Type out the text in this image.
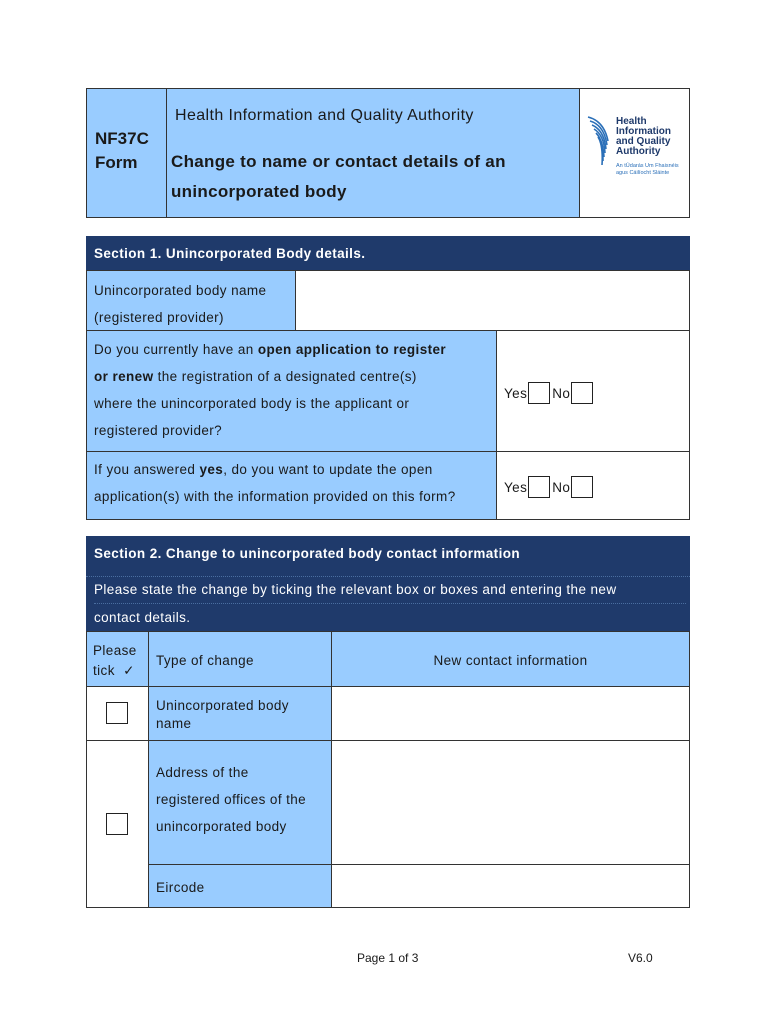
NF37C
Form
Health Information and Quality Authority
Change to name or contact details of an
unincorporated body
Health
Information
and Quality
Authority
An tÚdarás Um Fhaisnéis
agus Cáilíocht Sláinte
Section 1. Unincorporated Body details.
Unincorporated body name
(registered provider)
Do you currently have an open application to register
or renew the registration of a designated centre(s)
where the unincorporated body is the applicant or
registered provider?
Yes No
If you answered yes, do you want to update the open
application(s) with the information provided on this form?
Yes No
Section 2. Change to unincorporated body contact information
Please state the change by ticking the relevant box or boxes and entering the new
contact details.
Please
tick ✓
Type of change	New contact information
Unincorporated body
name
Address of the
registered offices of the
unincorporated body
Eircode
Page 1 of 3	V6.0
